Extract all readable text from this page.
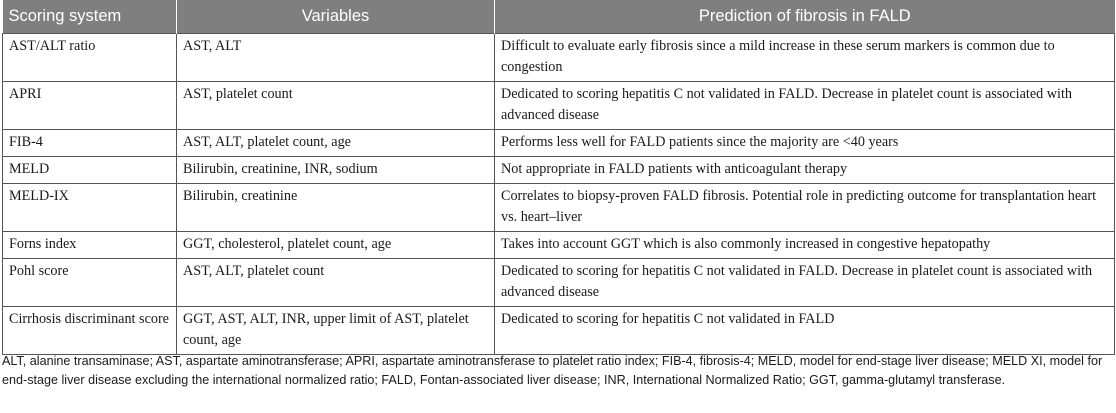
Scoring system	Variables	Prediction of fibrosis in FALD
AST/ALT ratio	AST, ALT	Difficult to evaluate early fibrosis since a mild increase in these serum markers is common due to congestion
APRI	AST, platelet count	Dedicated to scoring hepatitis C not validated in FALD. Decrease in platelet count is associated with advanced disease
FIB-4	AST, ALT, platelet count, age	Performs less well for FALD patients since the majority are <40 years
MELD	Bilirubin, creatinine, INR, sodium	Not appropriate in FALD patients with anticoagulant therapy
MELD-IX	Bilirubin, creatinine	Correlates to biopsy-proven FALD fibrosis. Potential role in predicting outcome for transplantation heart vs. heart–liver
Forns index	GGT, cholesterol, platelet count, age	Takes into account GGT which is also commonly increased in congestive hepatopathy
Pohl score	AST, ALT, platelet count	Dedicated to scoring for hepatitis C not validated in FALD. Decrease in platelet count is associated with advanced disease
Cirrhosis discriminant score	GGT, AST, ALT, INR, upper limit of AST, platelet count, age	Dedicated to scoring for hepatitis C not validated in FALD
ALT, alanine transaminase; AST, aspartate aminotransferase; APRI, aspartate aminotransferase to platelet ratio index; FIB-4, fibrosis-4; MELD, model for end-stage liver disease; MELD XI, model for end-stage liver disease excluding the international normalized ratio; FALD, Fontan-associated liver disease; INR, International Normalized Ratio; GGT, gamma-glutamyl transferase.
